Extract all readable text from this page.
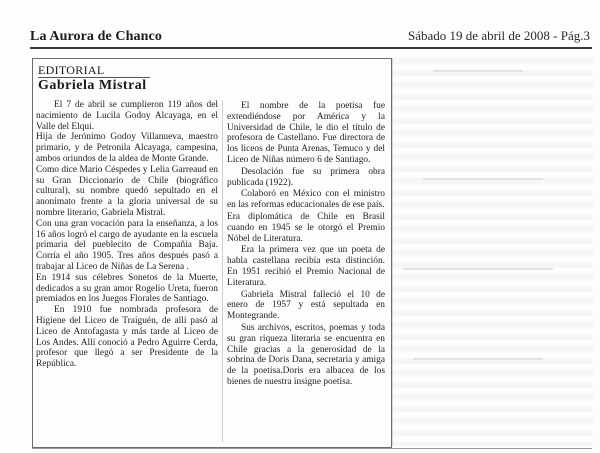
La Aurora de Chanco	Sábado 19 de abril de 2008 - Pág.3
EDITORIAL
Gabriela Mistral

El 7 de abril se cumplieron 119 años del nacimiento de Lucila Godoy Alcayaga, en el Valle del Elqui.

Hija de Jerónimo Godoy Villanueva, maestro primario, y de Petronila Alcayaga, campesina, ambos oriundos de la aldea de Monte Grande.

Como dice Mario Céspedes y Lelia Garreaud en su Gran Diccionario de Chile (biográfico cultural), su nombre quedó sepultado en el anonimato frente a la gloria universal de su nombre literario, Gabriela Mistral.

Con una gran vocación para la enseñanza, a los 16 años logró el cargo de ayudante en la escuela primaria del pueblecito de Compañía Baja. Corría el año 1905. Tres años después pasó a trabajar al Liceo de Niñas de La Serena .

En 1914 sus célebres Sonetos de la Muerte, dedicados a su gran amor Rogelio Ureta, fueron premiados en los Juegos Florales de Santiago.

En 1910 fue nombrada profesora de Higiene del Liceo de Traiguén, de allí pasó al Liceo de Antofagasta y más tarde al Liceo de Los Andes. Allí conoció a Pedro Aguirre Cerda, profesor que llegó a ser Presidente de la República.

El nombre de la poetisa fue extendiéndose por América y la Universidad de Chile, le dio el título de profesora de Castellano. Fue directora de los liceos de Punta Arenas, Temuco y del Liceo de Niñas número 6 de Santiago.

Desolación fue su primera obra publicada (1922).

Colaboró en México con el ministro en las reformas educacionales de ese país.

Era diplomática de Chile en Brasil cuando en 1945 se le otorgó el Premio Nóbel de Literatura.

Era la primera vez que un poeta de habla castellana recibía esta distinción. En 1951 recibió el Premio Nacional de Literatura.

Gabriela Mistral falleció el 10 de enero de 1957 y está sepultada en Montegrande.

Sus archivos, escritos, poemas y toda su gran riqueza literaria se encuentra en Chile gracias a la generosidad de la sobrina de Doris Dana, secretaria y amiga de la poetisa.Doris era albacea de los bienes de nuestra insigne poetisa.
